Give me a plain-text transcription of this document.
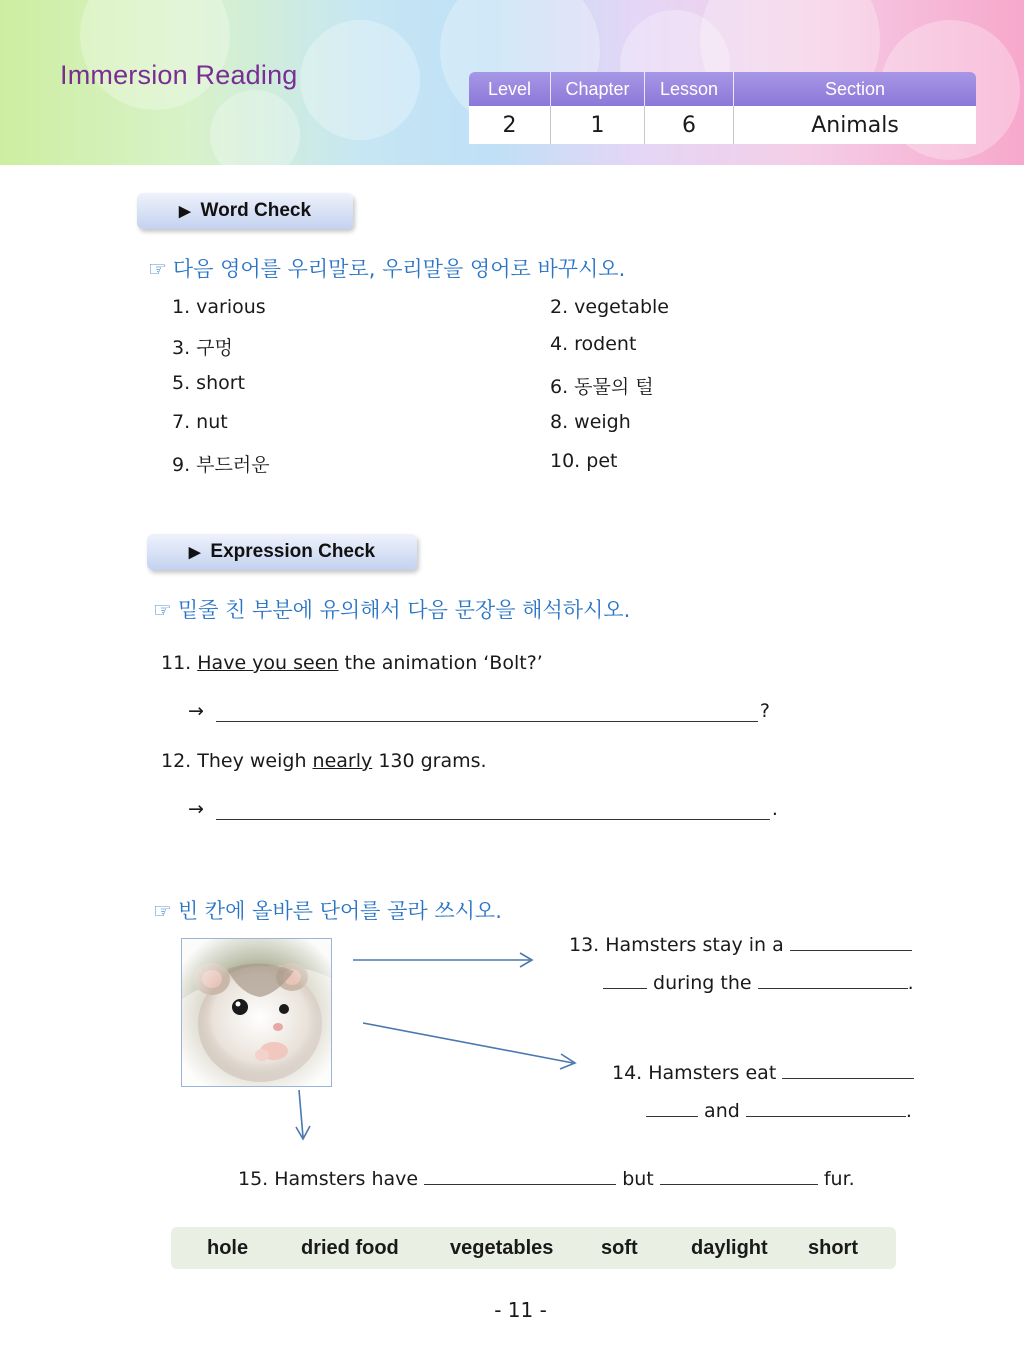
Immersion Reading	Level	Chapter	Lesson	Section
2	1	6	Animals
▶ Word Check
☞ 다음 영어를 우리말로, 우리말을 영어로 바꾸시오.
1. various	2. vegetable
3. 구멍	4. rodent
5. short	6. 동물의 털
7. nut	8. weigh
9. 부드러운	10. pet
▶ Expression Check
☞ 밑줄 친 부분에 유의해서 다음 문장을 해석하시오.
11. Have you seen the animation ‘Bolt?’
→	?
12. They weigh nearly 130 grams.
→	.
☞ 빈 칸에 올바른 단어를 골라 쓰시오.
13. Hamsters stay in a
during the	.
14. Hamsters eat
and	.
15. Hamsters have	but	fur.
hole	dried food	vegetables soft	daylight short
- 11 -
